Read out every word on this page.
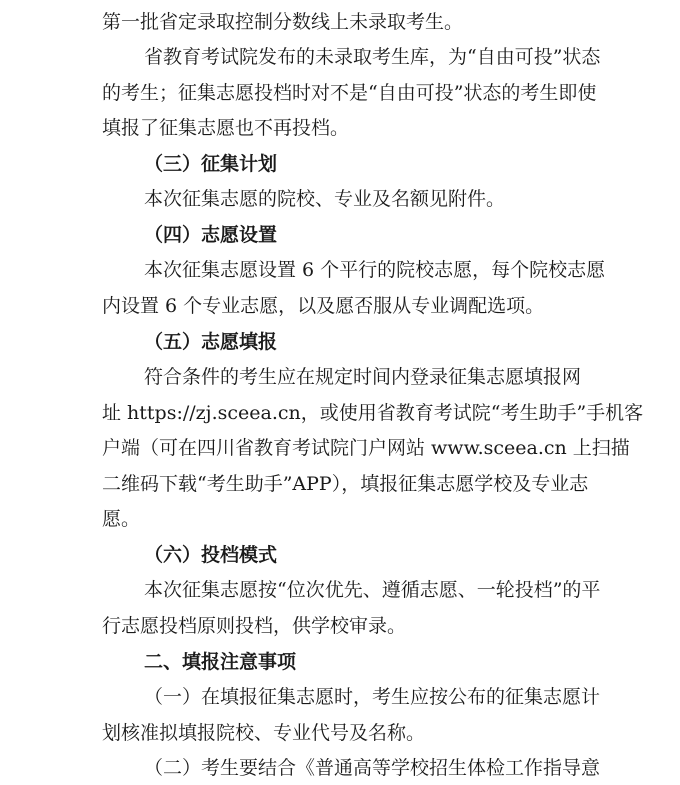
第一批省定录取控制分数线上未录取考生。
省教育考试院发布的未录取考生库，为“自由可投”状态
的考生；征集志愿投档时对不是“自由可投”状态的考生即使
填报了征集志愿也不再投档。
（三）征集计划
本次征集志愿的院校、专业及名额见附件。
（四）志愿设置
本次征集志愿设置 6 个平行的院校志愿，每个院校志愿
内设置 6 个专业志愿，以及愿否服从专业调配选项。
（五）志愿填报
符合条件的考生应在规定时间内登录征集志愿填报网
址 https://zj.sceea.cn，或使用省教育考试院“考生助手”手机客
户端（可在四川省教育考试院门户网站 www.sceea.cn 上扫描
二维码下载“考生助手”APP），填报征集志愿学校及专业志
愿。
（六）投档模式
本次征集志愿按“位次优先、遵循志愿、一轮投档”的平
行志愿投档原则投档，供学校审录。
二、填报注意事项
（一）在填报征集志愿时，考生应按公布的征集志愿计
划核准拟填报院校、专业代号及名称。
（二）考生要结合《普通高等学校招生体检工作指导意
